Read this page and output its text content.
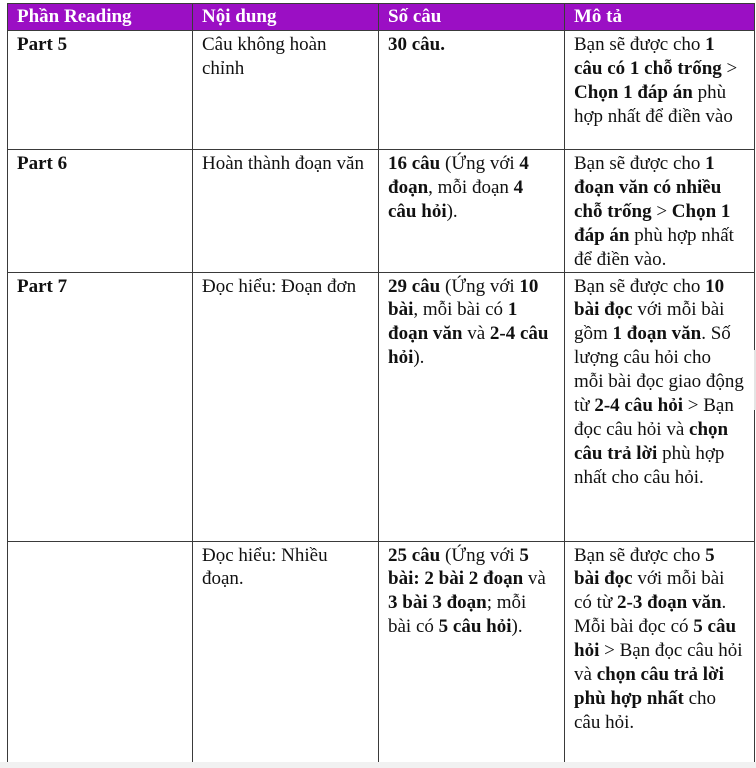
Phần Reading	Nội dung	Số câu	Mô tả
Part 5	Câu không hoàn chỉnh	30 câu.	Bạn sẽ được cho 1 câu có 1 chỗ trống > Chọn 1 đáp án phù hợp nhất để điền vào
Part 6	Hoàn thành đoạn văn	16 câu (Ứng với 4 đoạn, mỗi đoạn 4 câu hỏi).	Bạn sẽ được cho 1 đoạn văn có nhiều chỗ trống > Chọn 1 đáp án phù hợp nhất để điền vào.
Part 7	Đọc hiểu: Đoạn đơn	29 câu (Ứng với 10 bài, mỗi bài có 1 đoạn văn và 2-4 câu hỏi).	Bạn sẽ được cho 10 bài đọc với mỗi bài gồm 1 đoạn văn. Số lượng câu hỏi cho mỗi bài đọc giao động từ 2-4 câu hỏi > Bạn đọc câu hỏi và chọn câu trả lời phù hợp nhất cho câu hỏi.
	Đọc hiểu: Nhiều đoạn.	25 câu (Ứng với 5 bài: 2 bài 2 đoạn và 3 bài 3 đoạn; mỗi bài có 5 câu hỏi).	Bạn sẽ được cho 5 bài đọc với mỗi bài có từ 2-3 đoạn văn. Mỗi bài đọc có 5 câu hỏi > Bạn đọc câu hỏi và chọn câu trả lời phù hợp nhất cho câu hỏi.
